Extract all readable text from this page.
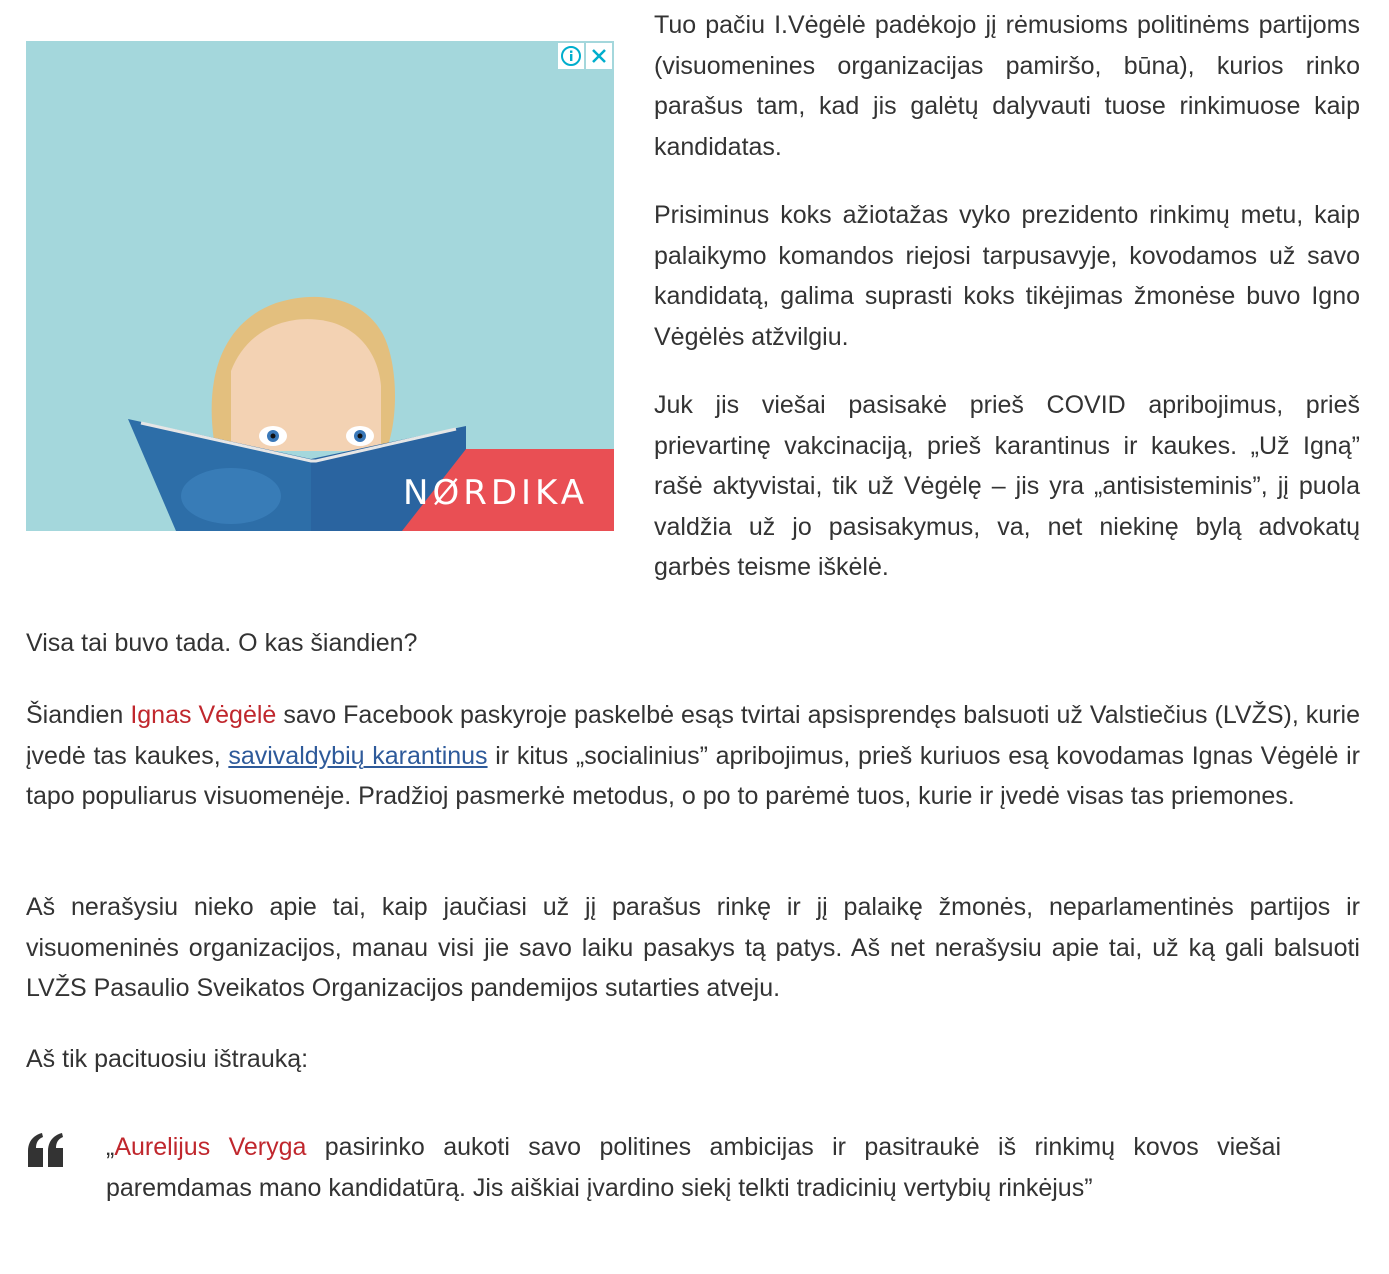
NØRDIKA

Tuo pačiu I.Vėgėlė padėkojo jį rėmusioms politinėms partijoms (visuomenines organizacijas pamiršo, būna), kurios rinko parašus tam, kad jis galėtų dalyvauti tuose rinkimuose kaip kandidatas.

Prisiminus koks ažiotažas vyko prezidento rinkimų metu, kaip palaikymo komandos riejosi tarpusavyje, kovodamos už savo kandidatą, galima suprasti koks tikėjimas žmonėse buvo Igno Vėgėlės atžvilgiu.

Juk jis viešai pasisakė prieš COVID apribojimus, prieš prievartinę vakcinaciją, prieš karantinus ir kaukes. „Už Igną” rašė aktyvistai, tik už Vėgėlę – jis yra „antisisteminis”, jį puola valdžia už jo pasisakymus, va, net niekinę bylą advokatų garbės teisme iškėlė.

Visa tai buvo tada. O kas šiandien?

Šiandien Ignas Vėgėlė savo Facebook paskyroje paskelbė esąs tvirtai apsisprendęs balsuoti už Valstiečius (LVŽS), kurie įvedė tas kaukes, savivaldybių karantinus ir kitus „socialinius” apribojimus, prieš kuriuos esą kovodamas Ignas Vėgėlė ir tapo populiarus visuomenėje. Pradžioj pasmerkė metodus, o po to parėmė tuos, kurie ir įvedė visas tas priemones.

Aš nerašysiu nieko apie tai, kaip jaučiasi už jį parašus rinkę ir jį palaikę žmonės, neparlamentinės partijos ir visuomeninės organizacijos, manau visi jie savo laiku pasakys tą patys. Aš net nerašysiu apie tai, už ką gali balsuoti LVŽS Pasaulio Sveikatos Organizacijos pandemijos sutarties atveju.

Aš tik pacituosiu ištrauką:

„Aurelijus Veryga pasirinko aukoti savo politines ambicijas ir pasitraukė iš rinkimų kovos viešai paremdamas mano kandidatūrą. Jis aiškiai įvardino siekį telkti tradicinių vertybių rinkėjus”
